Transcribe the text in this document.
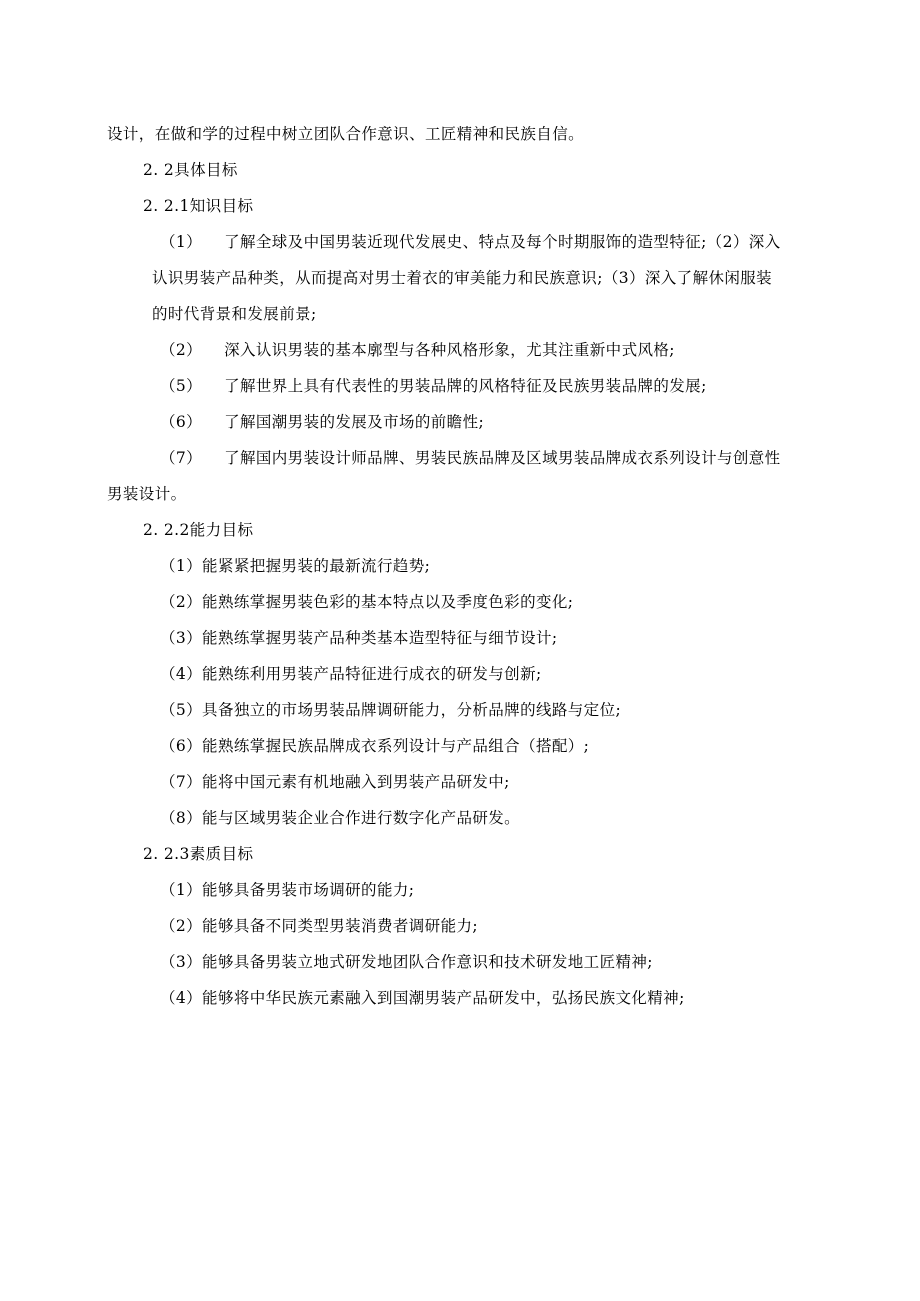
设计，在做和学的过程中树立团队合作意识、工匠精神和民族自信。
2. 2具体目标
2. 2.1知识目标
（1） 了解全球及中国男装近现代发展史、特点及每个时期服饰的造型特征;（2）深入
认识男装产品种类，从而提高对男士着衣的审美能力和民族意识;（3）深入了解休闲服装
的时代背景和发展前景;
（2） 深入认识男装的基本廓型与各种风格形象，尤其注重新中式风格;
（5） 了解世界上具有代表性的男装品牌的风格特征及民族男装品牌的发展;
（6） 了解国潮男装的发展及市场的前瞻性;
（7） 了解国内男装设计师品牌、男装民族品牌及区域男装品牌成衣系列设计与创意性
男装设计。
2. 2.2能力目标
（1）能紧紧把握男装的最新流行趋势;
（2）能熟练掌握男装色彩的基本特点以及季度色彩的变化;
（3）能熟练掌握男装产品种类基本造型特征与细节设计;
（4）能熟练利用男装产品特征进行成衣的研发与创新;
（5）具备独立的市场男装品牌调研能力，分析品牌的线路与定位;
（6）能熟练掌握民族品牌成衣系列设计与产品组合（搭配）;
（7）能将中国元素有机地融入到男装产品研发中;
（8）能与区域男装企业合作进行数字化产品研发。
2. 2.3素质目标
（1）能够具备男装市场调研的能力;
（2）能够具备不同类型男装消费者调研能力;
（3）能够具备男装立地式研发地团队合作意识和技术研发地工匠精神;
（4）能够将中华民族元素融入到国潮男装产品研发中，弘扬民族文化精神;
